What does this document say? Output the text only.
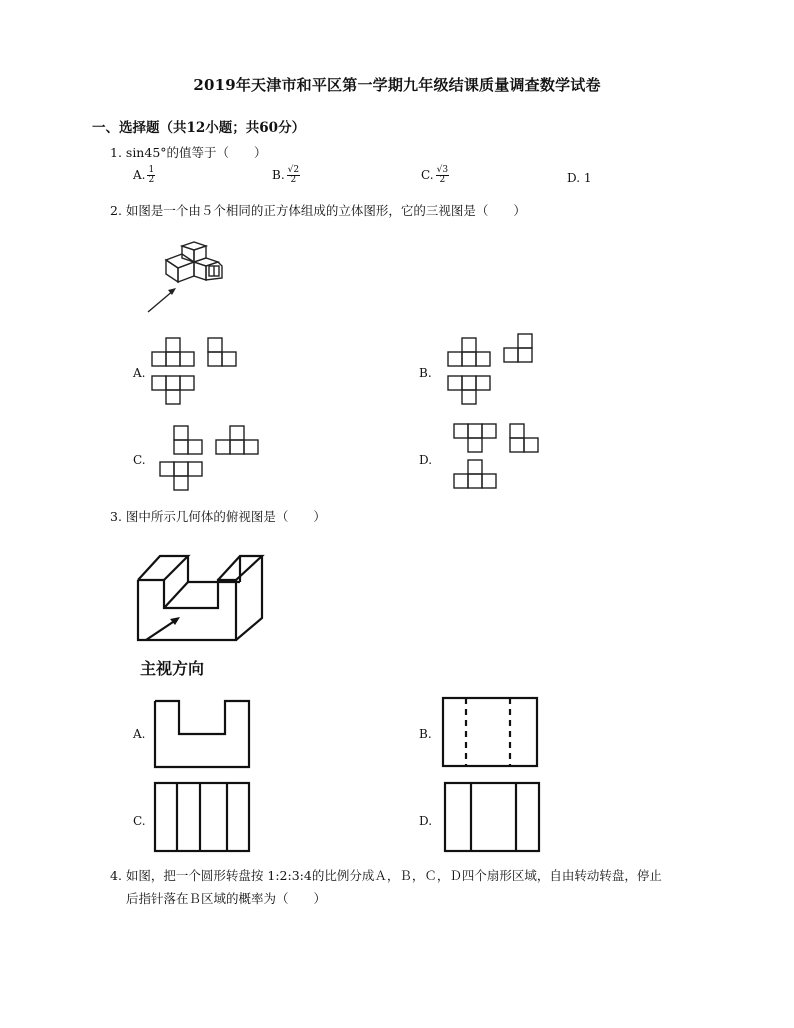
2019年天津市和平区第一学期九年级结课质量调查数学试卷
一、选择题（共12小题；共60分）
1. sin45°的值等于（　　）
A. $\frac{1}{2}$	B. $\frac{√2}{2}$	C. $\frac{√3}{2}$	D. 1
2. 如图是一个由５个相同的正方体组成的立体图形，它的三视图是（　　）
A.	B.
C.	D.
3. 图中所示几何体的俯视图是（　　）
主视方向
A.	B.
C.	D.
4. 如图，把一个圆形转盘按 1:2:3:4的比例分成Ａ，Ｂ，Ｃ，Ｄ四个扇形区域，自由转动转盘，停止
后指针落在Ｂ区域的概率为（　　）
